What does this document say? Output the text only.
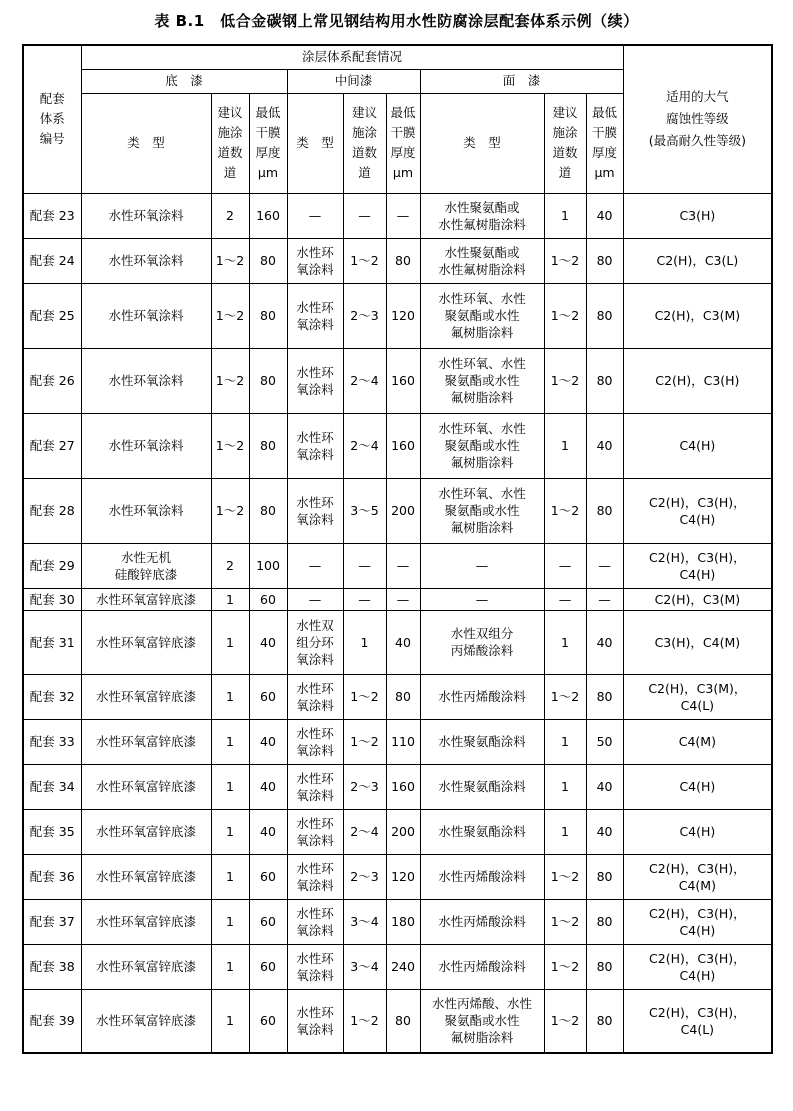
表 B.1　低合金碳钢上常见钢结构用水性防腐涂层配套体系示例（续）
配套
体系
编号	涂层体系配套情况									适用的大气
腐蚀性等级
(最高耐久性等级)

	底　漆			中间漆			面　漆			
	类　型	建议
施涂
道数
道	最低
干膜
厚度
μm	类　型	建议
施涂
道数
道	最低
干膜
厚度
μm	类　型	建议
施涂
道数
道	最低
干膜
厚度
μm	

配套 23	水性环氧涂料	2	160	—	—	—	水性聚氨酯或
水性氟树脂涂料	1	40	C3(H)

配套 24	水性环氧涂料	1～2	80	水性环
氧涂料	1～2	80	水性聚氨酯或
水性氟树脂涂料	1～2	80	C2(H)，C3(L)

配套 25	水性环氧涂料	1～2	80	水性环
氧涂料	2～3	120	水性环氧、水性
聚氨酯或水性
氟树脂涂料	1～2	80	C2(H)，C3(M)

配套 26	水性环氧涂料	1～2	80	水性环
氧涂料	2～4	160	水性环氧、水性
聚氨酯或水性
氟树脂涂料	1～2	80	C2(H)，C3(H)

配套 27	水性环氧涂料	1～2	80	水性环
氧涂料	2～4	160	水性环氧、水性
聚氨酯或水性
氟树脂涂料	1	40	C4(H)

配套 28	水性环氧涂料	1～2	80	水性环
氧涂料	3～5	200	水性环氧、水性
聚氨酯或水性
氟树脂涂料	1～2	80	C2(H)，C3(H)，
C4(H)

配套 29	水性无机
硅酸锌底漆	2	100	—	—	—	—	—	—	C2(H)，C3(H)，
C4(H)

配套 30	水性环氧富锌底漆	1	60	—	—	—	—	—	—	C2(H)，C3(M)

配套 31	水性环氧富锌底漆	1	40	水性双
组分环
氧涂料	1	40	水性双组分
丙烯酸涂料	1	40	C3(H)，C4(M)

配套 32	水性环氧富锌底漆	1	60	水性环
氧涂料	1～2	80	水性丙烯酸涂料	1～2	80	C2(H)，C3(M)，
C4(L)

配套 33	水性环氧富锌底漆	1	40	水性环
氧涂料	1～2	110	水性聚氨酯涂料	1	50	C4(M)

配套 34	水性环氧富锌底漆	1	40	水性环
氧涂料	2～3	160	水性聚氨酯涂料	1	40	C4(H)

配套 35	水性环氧富锌底漆	1	40	水性环
氧涂料	2～4	200	水性聚氨酯涂料	1	40	C4(H)

配套 36	水性环氧富锌底漆	1	60	水性环
氧涂料	2～3	120	水性丙烯酸涂料	1～2	80	C2(H)，C3(H)，
C4(M)

配套 37	水性环氧富锌底漆	1	60	水性环
氧涂料	3～4	180	水性丙烯酸涂料	1～2	80	C2(H)，C3(H)，
C4(H)

配套 38	水性环氧富锌底漆	1	60	水性环
氧涂料	3～4	240	水性丙烯酸涂料	1～2	80	C2(H)，C3(H)，
C4(H)

配套 39	水性环氧富锌底漆	1	60	水性环
氧涂料	1～2	80	水性丙烯酸、水性
聚氨酯或水性
氟树脂涂料	1～2	80	C2(H)，C3(H)，
C4(L)
